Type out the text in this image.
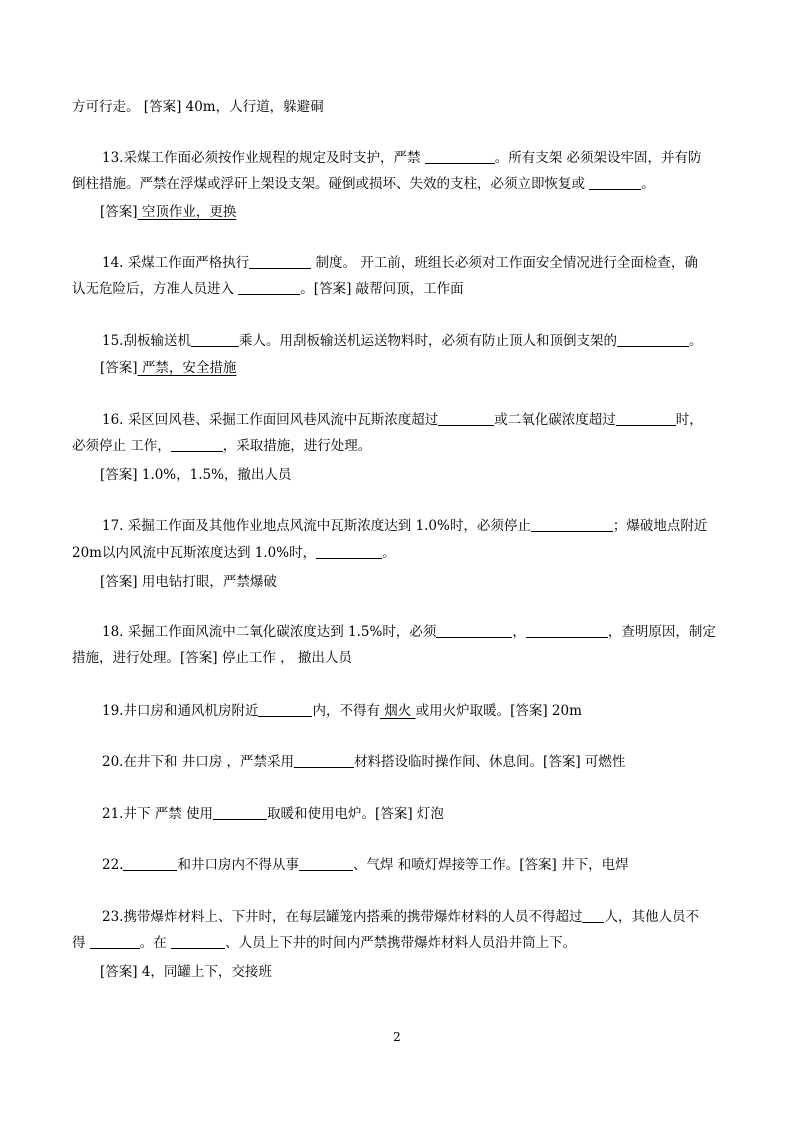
方可行走。 [答案] 40m，人行道，躲避硐
13.采煤工作面必须按作业规程的规定及时支护，严禁	。所有支架 必须架设牢固，并有防
倒柱措施。严禁在浮煤或浮矸上架设支架。碰倒或损坏、失效的支柱，必须立即恢复或	。
[答案] 空顶作业，更换
14. 采煤工作面严格执行	制度。 开工前，班组长必须对工作面安全情况进行全面检查，确
认无危险后，方准人员进入	。[答案] 敲帮问顶，工作面
15.刮板输送机	乘人。用刮板输送机运送物料时，必须有防止顶人和顶倒支架的	。
[答案] 严禁，安全措施
16. 采区回风巷、采掘工作面回风巷风流中瓦斯浓度超过	或二氧化碳浓度超过	时，
必须停止 工作，	，采取措施，进行处理。
[答案] 1.0%，1.5%，撤出人员
17. 采掘工作面及其他作业地点风流中瓦斯浓度达到 1.0%时，必须停止	；爆破地点附近
20m以内风流中瓦斯浓度达到 1.0%时，	。
[答案] 用电钻打眼，严禁爆破
18. 采掘工作面风流中二氧化碳浓度达到 1.5%时，必须	，	，查明原因，制定
措施，进行处理。[答案] 停止工作 ， 撤出人员
19.井口房和通风机房附近	内，不得有 烟火 或用火炉取暖。[答案] 20m
20.在井下和 井口房 ，严禁采用	材料搭设临时操作间、休息间。[答案] 可燃性
21.井下 严禁 使用	取暖和使用电炉。[答案] 灯泡
22.	和井口房内不得从事	、气焊 和喷灯焊接等工作。[答案] 井下，电焊
23.携带爆炸材料上、下井时，在每层罐笼内搭乘的携带爆炸材料的人员不得超过 人，其他人员不
得	。在	、人员上下井的时间内严禁携带爆炸材料人员沿井筒上下。
[答案] 4，同罐上下，交接班
2
